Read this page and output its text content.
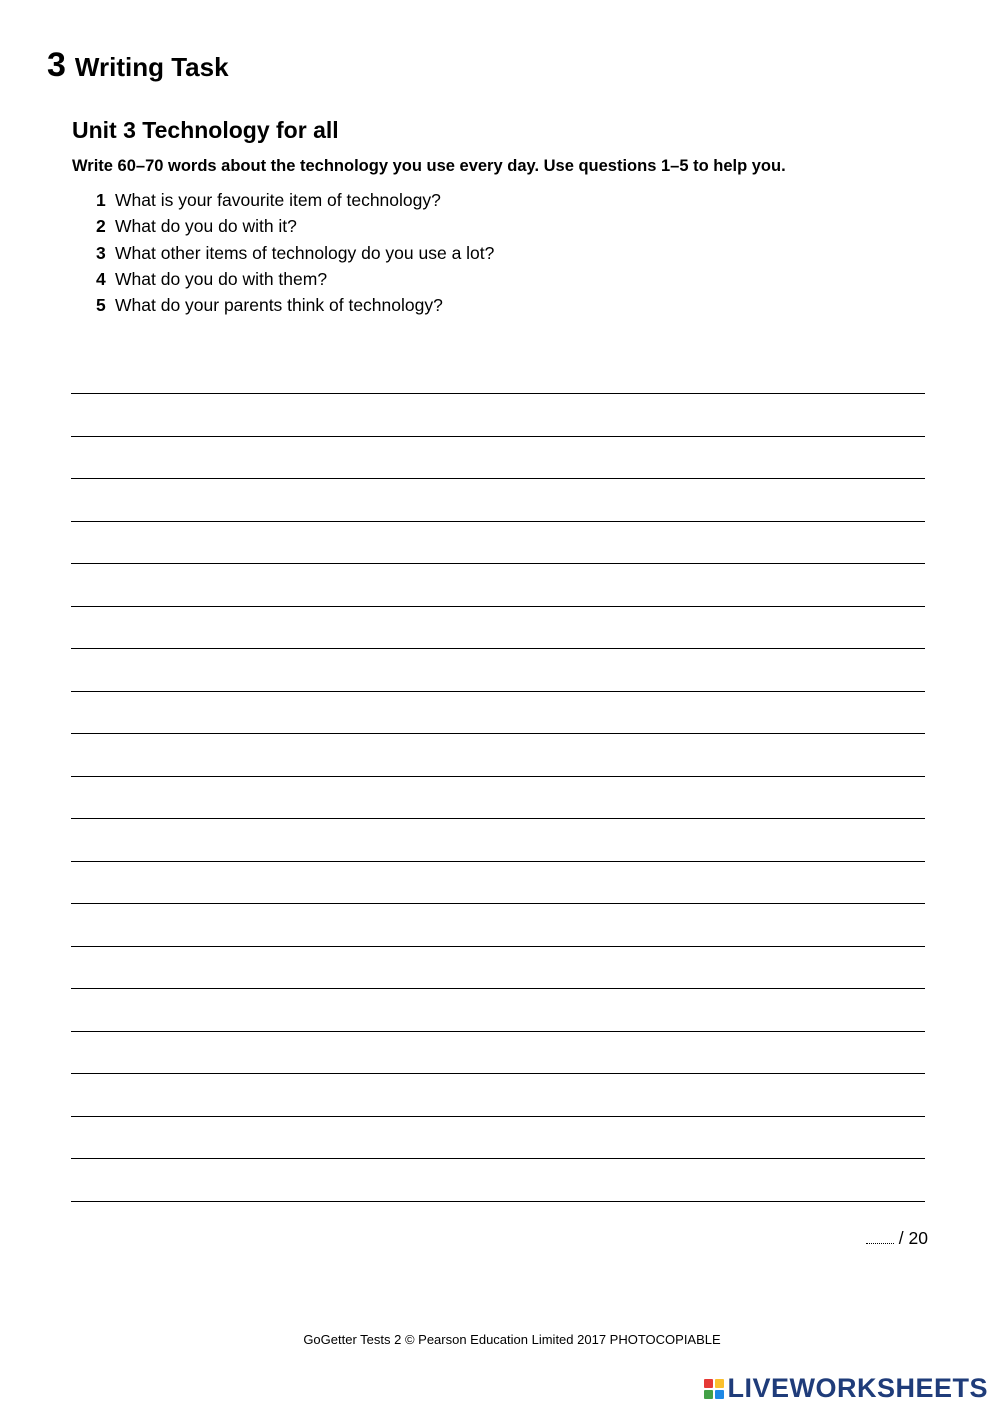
3 Writing Task
Unit 3 Technology for all
Write 60–70 words about the technology you use every day. Use questions 1–5 to help you.
1 What is your favourite item of technology?
2 What do you do with it?
3 What other items of technology do you use a lot?
4 What do you do with them?
5 What do your parents think of technology?
/ 20
GoGetter Tests 2 © Pearson Education Limited 2017 PHOTOCOPIABLE
LIVEWORKSHEETS
